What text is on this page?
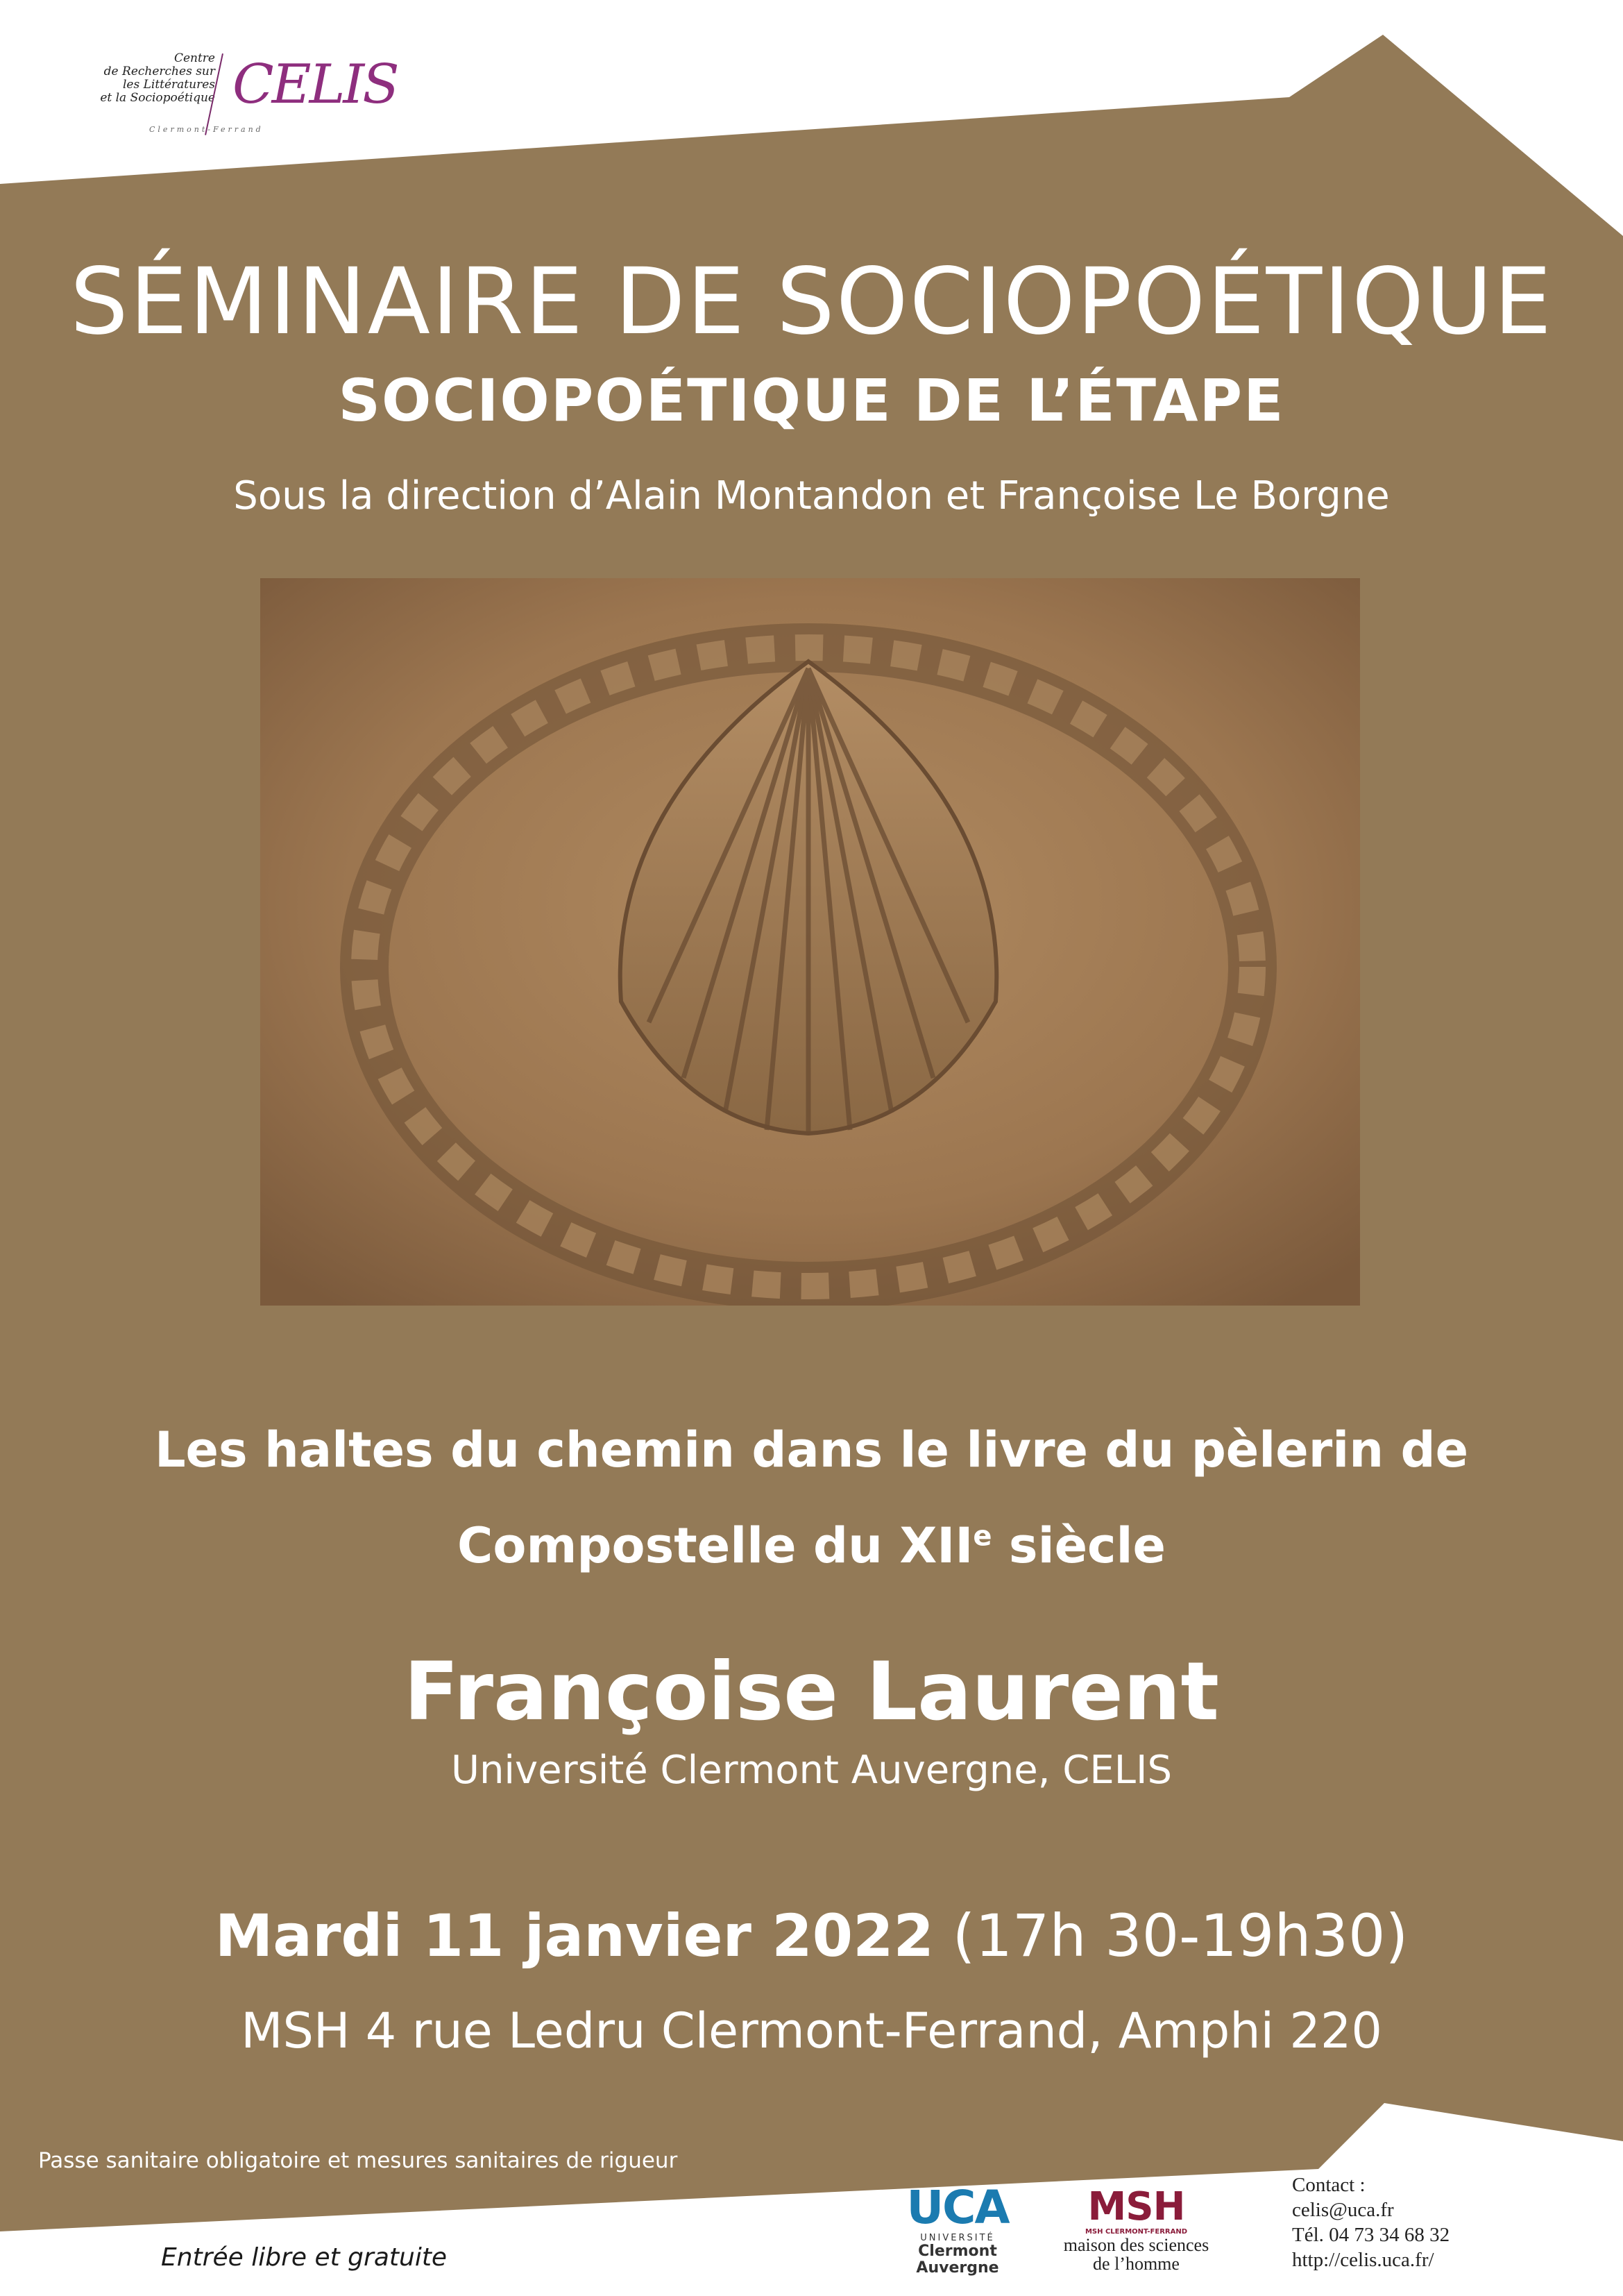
Centre
de Recherches sur
les Littératures
et la Sociopoétique CELIS
Clermont-Ferrand
SÉMINAIRE DE SOCIOPOÉTIQUE
SOCIOPOÉTIQUE DE L’ÉTAPE
Sous la direction d’Alain Montandon et Françoise Le Borgne
Les haltes du chemin dans le livre du pèlerin de
Compostelle du XIIe siècle
Françoise Laurent
Université Clermont Auvergne, CELIS
Mardi 11 janvier 2022 (17h 30-19h30)
MSH 4 rue Ledru Clermont-Ferrand, Amphi 220
Passe sanitaire obligatoire et mesures sanitaires de rigueur
Entrée libre et gratuite
UCA
UNIVERSITÉ
Clermont
Auvergne
MSH
MSH CLERMONT-FERRAND
maison des sciences
de l’homme
Contact :
celis@uca.fr
Tél. 04 73 34 68 32
http://celis.uca.fr/
